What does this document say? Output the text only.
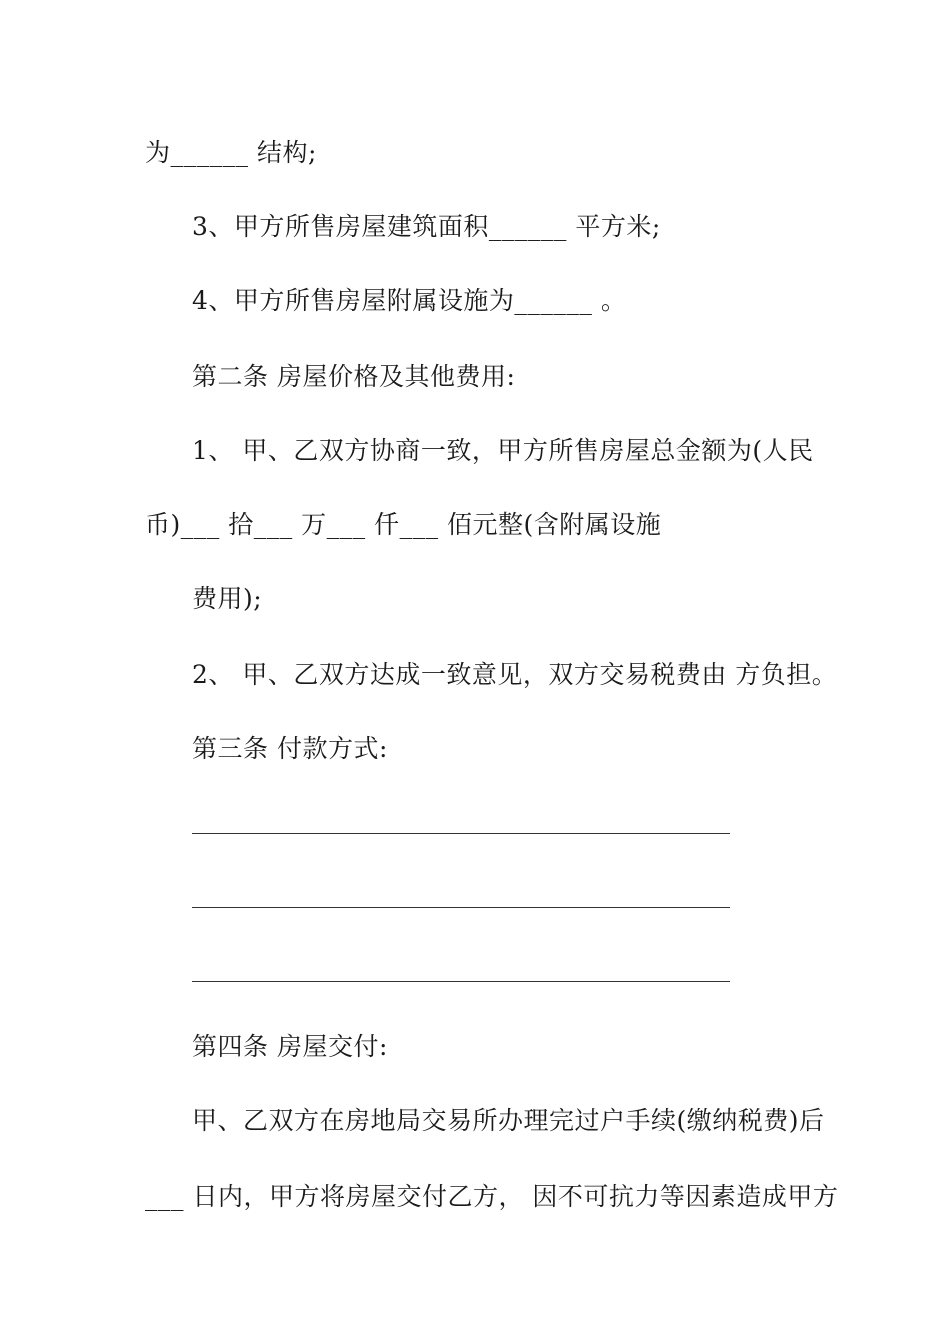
为______ 结构;
3、甲方所售房屋建筑面积______ 平方米;
4、甲方所售房屋附属设施为______ 。
第二条 房屋价格及其他费用:
1、 甲、乙双方协商一致，甲方所售房屋总金额为(人民
币)___ 拾___ 万___ 仟___ 佰元整(含附属设施
费用);
2、 甲、乙双方达成一致意见，双方交易税费由 方负担。
第三条 付款方式:
第四条 房屋交付:
甲、乙双方在房地局交易所办理完过户手续(缴纳税费)后
___ 日内，甲方将房屋交付乙方， 因不可抗力等因素造成甲方
